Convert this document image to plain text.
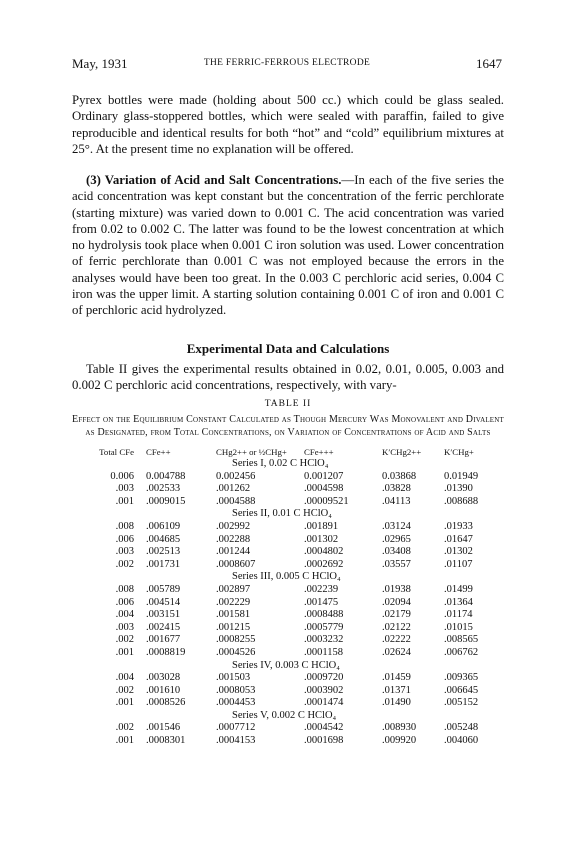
May, 1931	THE FERRIC-FERROUS ELECTRODE	1647
Pyrex bottles were made (holding about 500 cc.) which could be glass sealed. Ordinary glass-stoppered bottles, which were sealed with paraffin, failed to give reproducible and identical results for both “hot” and “cold” equilibrium mixtures at 25°. At the present time no explanation will be offered.
(3) Variation of Acid and Salt Concentrations.—In each of the five series the acid concentration was kept constant but the concentration of the ferric perchlorate (starting mixture) was varied down to 0.001 C. The acid concentration was varied from 0.02 to 0.002 C. The latter was found to be the lowest concentration at which no hydrolysis took place when 0.001 C iron solution was used. Lower concentration of ferric perchlorate than 0.001 C was not employed because the errors in the analyses would have been too great. In the 0.003 C perchloric acid series, 0.004 C iron was the upper limit. A starting solution containing 0.001 C of iron and 0.001 C of perchloric acid hydrolyzed.
Experimental Data and Calculations
Table II gives the experimental results obtained in 0.02, 0.01, 0.005, 0.003 and 0.002 C perchloric acid concentrations, respectively, with vary-
TABLE II
Effect on the Equilibrium Constant Calculated as Though Mercury Was Monovalent and Divalent as Designated, from Total Concentrations, on Variation of Concentrations of Acid and Salts
Total CFe	CFe++	CHg2++ or ½CHg+	CFe+++	K′CHg2++	K′CHg+
Series I, 0.02 C HClO₄					
0.006	0.004788	0.002456	0.001207	0.03868	0.01949
.003	.002533	.001262	.0004598	.03828	.01390
.001	.0009015	.0004588	.00009521	.04113	.008688
Series II, 0.01 C HClO₄					
.008	.006109	.002992	.001891	.03124	.01933
.006	.004685	.002288	.001302	.02965	.01647
.003	.002513	.001244	.0004802	.03408	.01302
.002	.001731	.0008607	.0002692	.03557	.01107
Series III, 0.005 C HClO₄					
.008	.005789	.002897	.002239	.01938	.01499
.006	.004514	.002229	.001475	.02094	.01364
.004	.003151	.001581	.0008488	.02179	.01174
.003	.002415	.001215	.0005779	.02122	.01015
.002	.001677	.0008255	.0003232	.02222	.008565
.001	.0008819	.0004526	.0001158	.02624	.006762
Series IV, 0.003 C HClO₄					
.004	.003028	.001503	.0009720	.01459	.009365
.002	.001610	.0008053	.0003902	.01371	.006645
.001	.0008526	.0004453	.0001474	.01490	.005152
Series V, 0.002 C HClO₄					
.002	.001546	.0007712	.0004542	.008930	.005248
.001	.0008301	.0004153	.0001698	.009920	.004060
